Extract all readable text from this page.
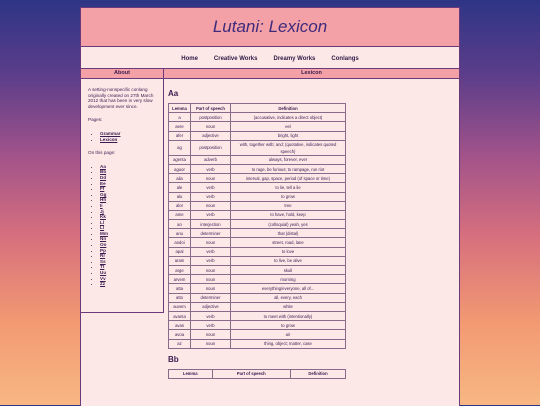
Lutani: Lexicon
Home	Creative Works	Dreamy Works	Conlangs
About

A setting-nonspecific conlang originally created on 27th March 2012 that has been in very slow development ever since.

Pages:

• Grammar
• Lexicon

On this page:

• Aa
• Bb
• Dd
• Ee
• Ff
• Gg
• Hh
• Ii
• Jj
• Kk
• Ll
• Ll
• Mm
• Nn
• Oo
• Pp
• Rr
• Ss
• Tt
• Uu
• Vv
• Zz
Lexicon
Aa
Lemma	Part of speech	Definition
a	postposition	(accusative, indicates a direct object)
aere	noun	eel
afer	adjective	bright, light
ag	postposition	with, together with; and; (quotative, indicates quoted speech)
agenta	adverb	always, forever, ever
aguor	verb	to rage, be furious; to rampage, run riot
aila	noun	interval, gap, space, period (of space or time)
ale	verb	to lie, tell a lie
alu	verb	to grow
alor	noun	tree
ame	verb	to have, hold, keep
an	interjection	(colloquial) yeah, yes
anu	determiner	that (distal)
andoi	noun	street, road, lane
apal	verb	to love
aram	verb	to live, be alive
arge	noun	skull
arvem	noun	morning
atta	noun	everything/everyone, all of...
atto	determiner	all, every, each
auvem	adjective	white
avanta	verb	to meet with (intentionally)
avas	verb	to grow
avoa	noun	air
az	noun	thing, object; matter, case
Bb
Lemma	Part of speech	Definition
